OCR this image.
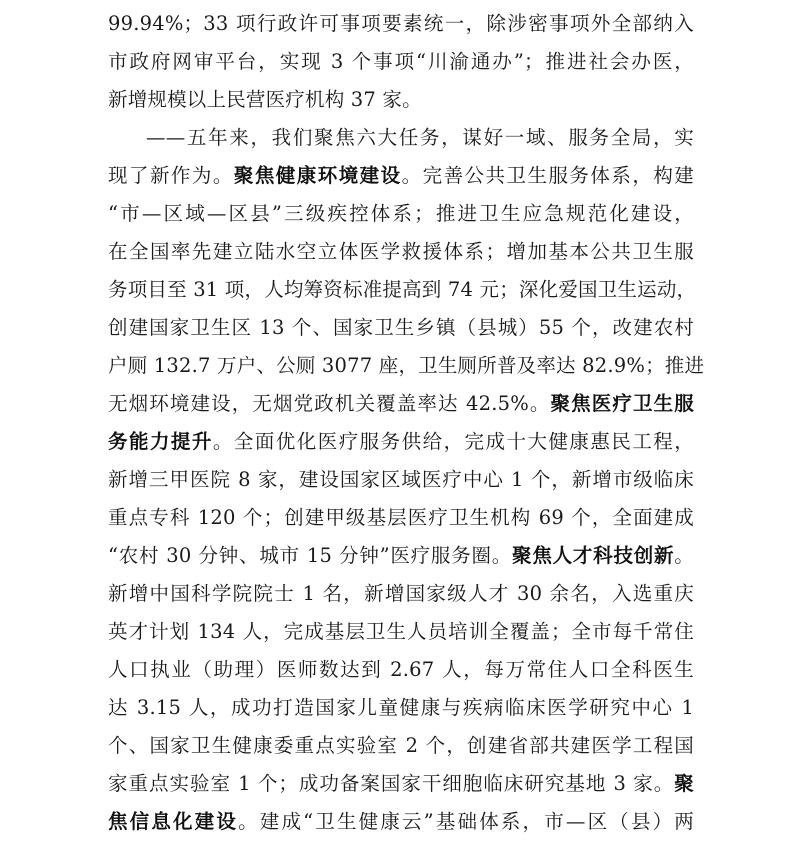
99.94%；33 项行政许可事项要素统一，除涉密事项外全部纳入
市政府网审平台，实现 3 个事项“川渝通办”；推进社会办医，
新增规模以上民营医疗机构 37 家。
——五年来，我们聚焦六大任务，谋好一域、服务全局，实
现了新作为。聚焦健康环境建设。完善公共卫生服务体系，构建
“市—区域—区县”三级疾控体系；推进卫生应急规范化建设，
在全国率先建立陆水空立体医学救援体系；增加基本公共卫生服
务项目至 31 项，人均筹资标准提高到 74 元；深化爱国卫生运动，
创建国家卫生区 13 个、国家卫生乡镇（县城）55 个，改建农村
户厕 132.7 万户、公厕 3077 座，卫生厕所普及率达 82.9%；推进
无烟环境建设，无烟党政机关覆盖率达 42.5%。聚焦医疗卫生服
务能力提升。全面优化医疗服务供给，完成十大健康惠民工程，
新增三甲医院 8 家，建设国家区域医疗中心 1 个，新增市级临床
重点专科 120 个；创建甲级基层医疗卫生机构 69 个，全面建成
“农村 30 分钟、城市 15 分钟”医疗服务圈。聚焦人才科技创新。
新增中国科学院院士 1 名，新增国家级人才 30 余名，入选重庆
英才计划 134 人，完成基层卫生人员培训全覆盖；全市每千常住
人口执业（助理）医师数达到 2.67 人，每万常住人口全科医生
达 3.15 人，成功打造国家儿童健康与疾病临床医学研究中心 1
个、国家卫生健康委重点实验室 2 个，创建省部共建医学工程国
家重点实验室 1 个；成功备案国家干细胞临床研究基地 3 家。聚
焦信息化建设。建成“卫生健康云”基础体系，市—区（县）两
